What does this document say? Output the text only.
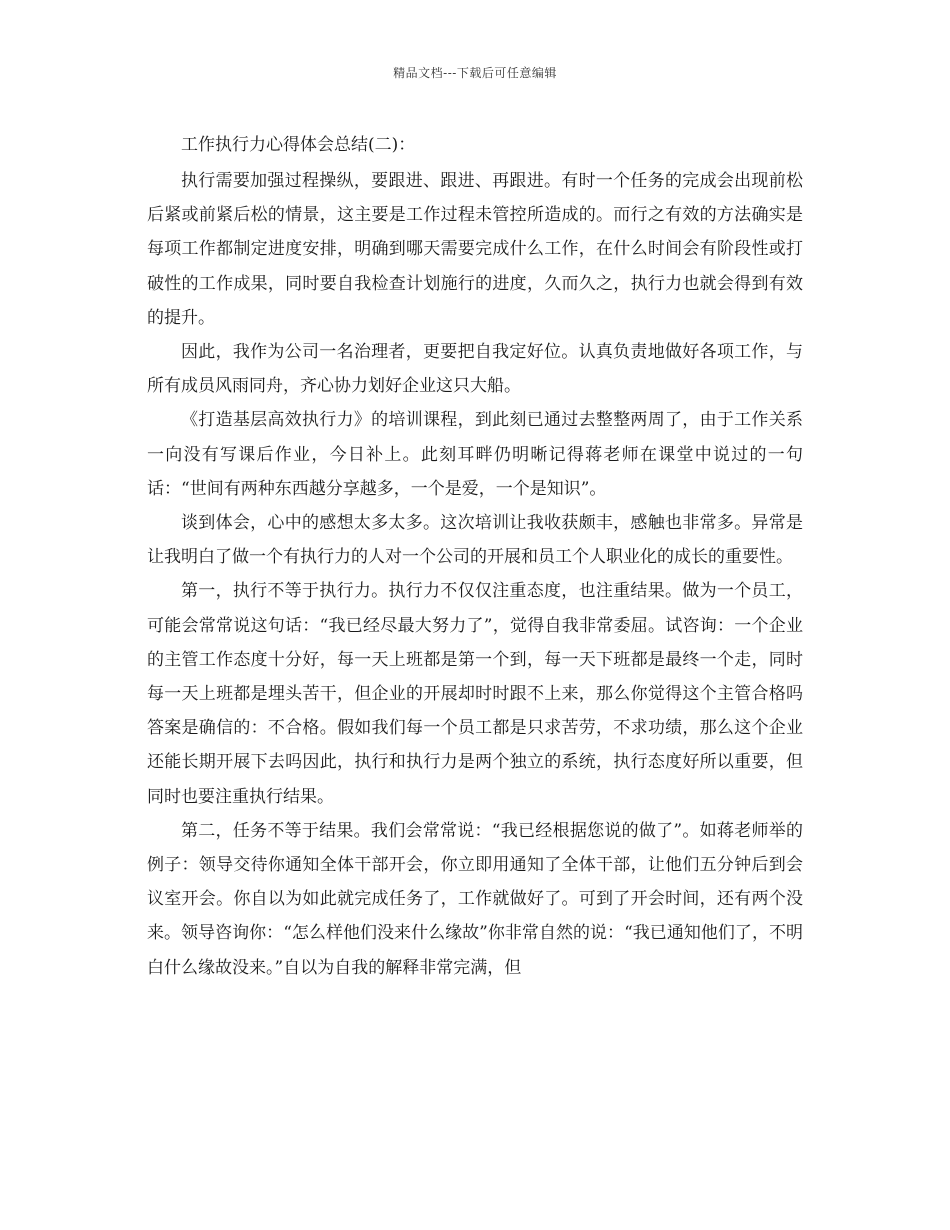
精品文档---下载后可任意编辑
工作执行力心得体会总结(二)：

执行需要加强过程操纵，要跟进、跟进、再跟进。有时一个任务的完成会出现前松后紧或前紧后松的情景，这主要是工作过程未管控所造成的。而行之有效的方法确实是每项工作都制定进度安排，明确到哪天需要完成什么工作，在什么时间会有阶段性或打破性的工作成果，同时要自我检查计划施行的进度，久而久之，执行力也就会得到有效的提升。

因此，我作为公司一名治理者，更要把自我定好位。认真负责地做好各项工作，与所有成员风雨同舟，齐心协力划好企业这只大船。

《打造基层高效执行力》的培训课程，到此刻已通过去整整两周了，由于工作关系一向没有写课后作业，今日补上。此刻耳畔仍明晰记得蒋老师在课堂中说过的一句话：“世间有两种东西越分享越多，一个是爱，一个是知识”。

谈到体会，心中的感想太多太多。这次培训让我收获颇丰，感触也非常多。异常是让我明白了做一个有执行力的人对一个公司的开展和员工个人职业化的成长的重要性。

第一，执行不等于执行力。执行力不仅仅注重态度，也注重结果。做为一个员工，可能会常常说这句话：“我已经尽最大努力了”，觉得自我非常委屈。试咨询：一个企业的主管工作态度十分好，每一天上班都是第一个到，每一天下班都是最终一个走，同时每一天上班都是埋头苦干，但企业的开展却时时跟不上来，那么你觉得这个主管合格吗答案是确信的：不合格。假如我们每一个员工都是只求苦劳，不求功绩，那么这个企业还能长期开展下去吗因此，执行和执行力是两个独立的系统，执行态度好所以重要，但同时也要注重执行结果。

第二，任务不等于结果。我们会常常说：“我已经根据您说的做了”。如蒋老师举的例子：领导交待你通知全体干部开会，你立即用通知了全体干部，让他们五分钟后到会议室开会。你自以为如此就完成任务了，工作就做好了。可到了开会时间，还有两个没来。领导咨询你：“怎么样他们没来什么缘故”你非常自然的说：“我已通知他们了，不明白什么缘故没来。”自以为自我的解释非常完满，但
